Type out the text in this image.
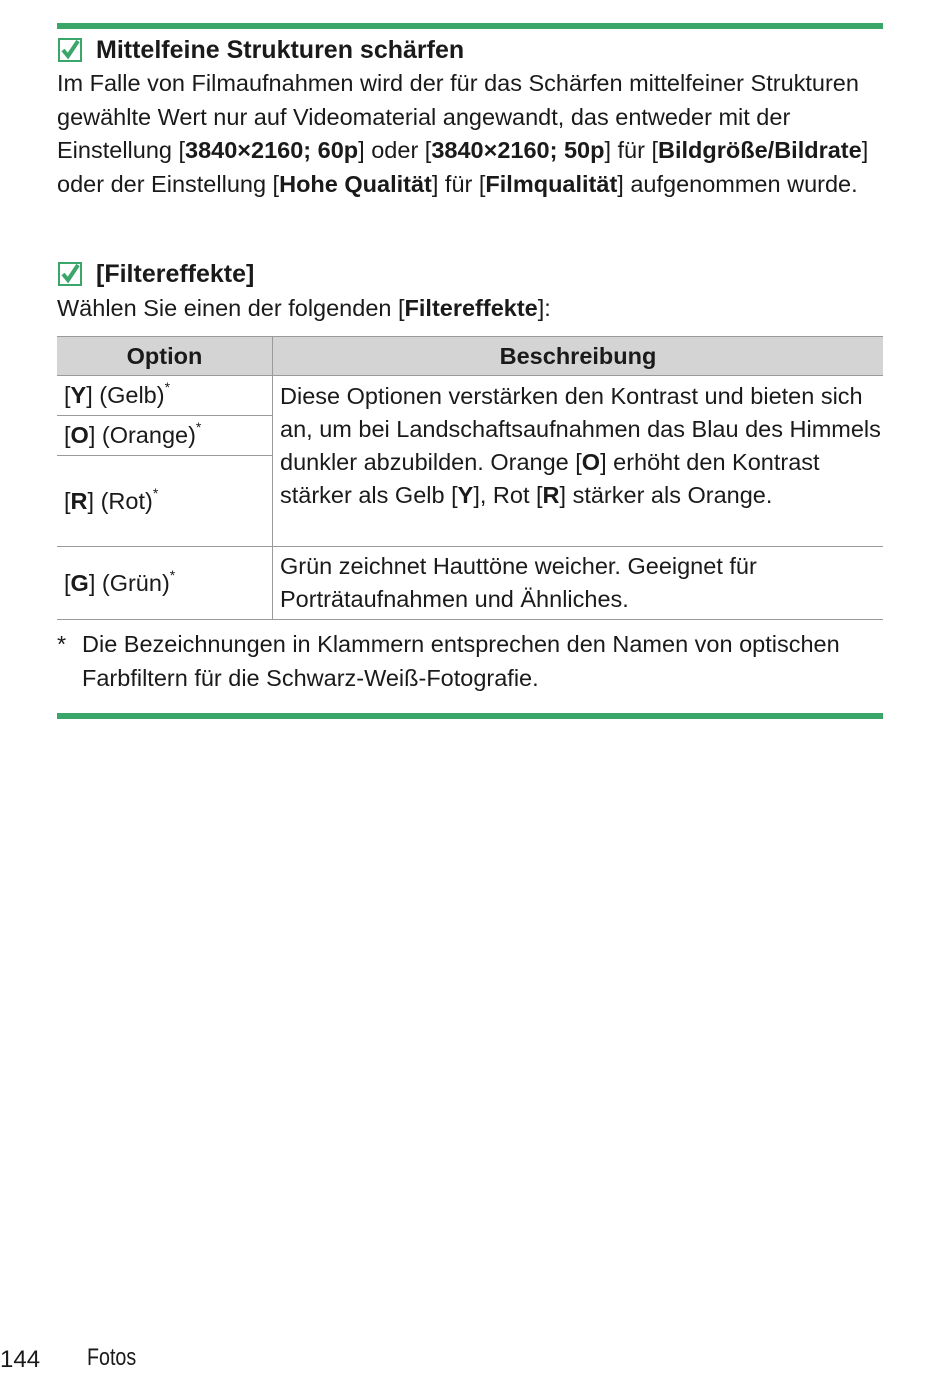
Mittelfeine Strukturen schärfen
Im Falle von Filmaufnahmen wird der für das Schärfen mittelfeiner Strukturen gewählte Wert nur auf Videomaterial angewandt, das entweder mit der Einstellung [3840×2160; 60p] oder [3840×2160; 50p] für [Bildgröße/Bildrate] oder der Einstellung [Hohe Qualität] für [Filmqualität] aufgenommen wurde.
[Filtereffekte]
Wählen Sie einen der folgenden [Filtereffekte]:
Option	Beschreibung
[Y] (Gelb)*	Diese Optionen verstärken den Kontrast und bieten sich an, um bei Landschaftsaufnahmen das Blau des Himmels dunkler abzubilden. Orange [O] erhöht den Kontrast stärker als Gelb [Y], Rot [R] stärker als Orange.
[O] (Orange)*
[R] (Rot)*
[G] (Grün)*	Grün zeichnet Hauttöne weicher. Geeignet für Porträtaufnahmen und Ähnliches.
* Die Bezeichnungen in Klammern entsprechen den Namen von optischen Farbfiltern für die Schwarz-Weiß-Fotografie.
144 Fotos
